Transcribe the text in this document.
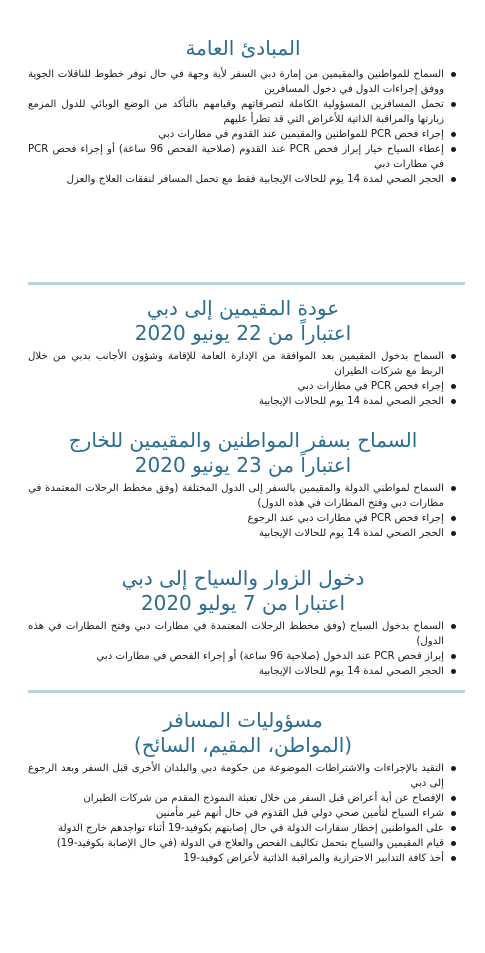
المبادئ العامة
السماح للمواطنين والمقيمين من إمارة دبي السفر لأية وجهة في حال توفر خطوط للناقلات الجوية ووفق إجراءات الدول في دخول المسافرين
تحمل المسافرين المسؤولية الكاملة لتصرفاتهم وقيامهم بالتأكد من الوضع الوبائي للدول المزمع زيارتها والمراقبة الذاتية للأعراض التي قد تطرأ عليهم
إجراء فحص PCR للمواطنين والمقيمين عند القدوم في مطارات دبي
إعطاء السياح خيار إبراز فحص PCR عند القدوم (صلاحية الفحص 96 ساعة) أو إجراء فحص PCR في مطارات دبي
الحجر الصحي لمدة 14 يوم للحالات الإيجابية فقط مع تحمل المسافر لنفقات العلاج والعزل
عودة المقيمين إلى دبي
اعتباراً من 22 يونيو 2020
السماح بدخول المقيمين بعد الموافقة من الإدارة العامة للإقامة وشؤون الأجانب بدبي من خلال الربط مع شركات الطيران
إجراء فحص PCR في مطارات دبي
الحجر الصحي لمدة 14 يوم للحالات الإيجابية
السماح بسفر المواطنين والمقيمين للخارج
اعتباراً من 23 يونيو 2020
السماح لمواطني الدولة والمقيمين بالسفر إلى الدول المختلفة (وفق مخطط الرحلات المعتمدة في مطارات دبي وفتح المطارات في هذه الدول)
إجراء فحص PCR في مطارات دبي عند الرجوع
الحجر الصحي لمدة 14 يوم للحالات الإيجابية
دخول الزوار والسياح إلى دبي
اعتبارا من 7 يوليو 2020
السماح بدخول السياح (وفق مخطط الرحلات المعتمدة في مطارات دبي وفتح المطارات في هذه الدول)
إبراز فحص PCR عند الدخول (صلاحية 96 ساعة) أو إجراء الفحص في مطارات دبي
الحجر الصحي لمدة 14 يوم للحالات الإيجابية
مسؤوليات المسافر
(المواطن، المقيم، السائح)
التقيد بالإجراءات والاشتراطات الموضوعة من حكومة دبي والبلدان الأخرى قبل السفر وبعد الرجوع إلى دبي
الإفصاح عن أية أعراض قبل السفر من خلال تعبئة النموذج المقدم من شركات الطيران
شراء السياح لتأمين صحي دولي قبل القدوم في حال أنهم غير مأمنين
على المواطنين إخطار سفارات الدولة في حال إصابتهم بكوفيد-19 أثناء تواجدهم خارج الدولة
قيام المقيمين والسياح بتحمل تكاليف الفحص والعلاج في الدولة (في حال الإصابة بكوفيد-19)
أخذ كافة التدابير الاحترازية والمراقبة الذاتية لأعراض كوفيد-19
